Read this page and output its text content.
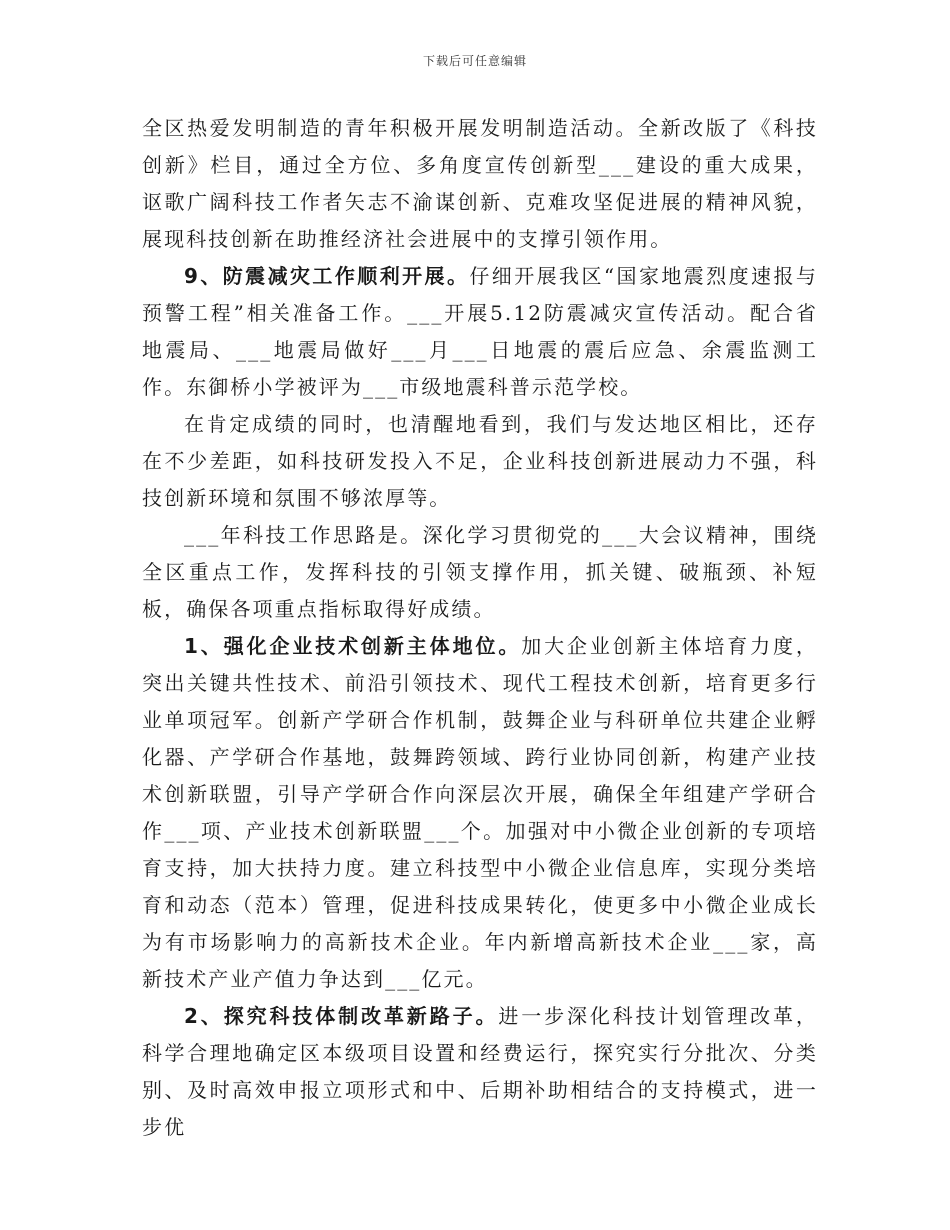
下载后可任意编辑

全区热爱发明制造的青年积极开展发明制造活动。全新改版了《科技创新》栏目，通过全方位、多角度宣传创新型___建设的重大成果，讴歌广阔科技工作者矢志不渝谋创新、克难攻坚促进展的精神风貌，展现科技创新在助推经济社会进展中的支撑引领作用。

9、防震减灾工作顺利开展。仔细开展我区“国家地震烈度速报与预警工程”相关准备工作。___开展5.12防震减灾宣传活动。配合省地震局、___地震局做好___月___日地震的震后应急、余震监测工作。东御桥小学被评为___市级地震科普示范学校。

在肯定成绩的同时，也清醒地看到，我们与发达地区相比，还存在不少差距，如科技研发投入不足，企业科技创新进展动力不强，科技创新环境和氛围不够浓厚等。

___年科技工作思路是。深化学习贯彻党的___大会议精神，围绕全区重点工作，发挥科技的引领支撑作用，抓关键、破瓶颈、补短板，确保各项重点指标取得好成绩。

1、强化企业技术创新主体地位。加大企业创新主体培育力度，突出关键共性技术、前沿引领技术、现代工程技术创新，培育更多行业单项冠军。创新产学研合作机制，鼓舞企业与科研单位共建企业孵化器、产学研合作基地，鼓舞跨领域、跨行业协同创新，构建产业技术创新联盟，引导产学研合作向深层次开展，确保全年组建产学研合作___项、产业技术创新联盟___个。加强对中小微企业创新的专项培育支持，加大扶持力度。建立科技型中小微企业信息库，实现分类培育和动态（范本）管理，促进科技成果转化，使更多中小微企业成长为有市场影响力的高新技术企业。年内新增高新技术企业___家，高新技术产业产值力争达到___亿元。

2、探究科技体制改革新路子。进一步深化科技计划管理改革，科学合理地确定区本级项目设置和经费运行，探究实行分批次、分类别、及时高效申报立项形式和中、后期补助相结合的支持模式，进一步优
